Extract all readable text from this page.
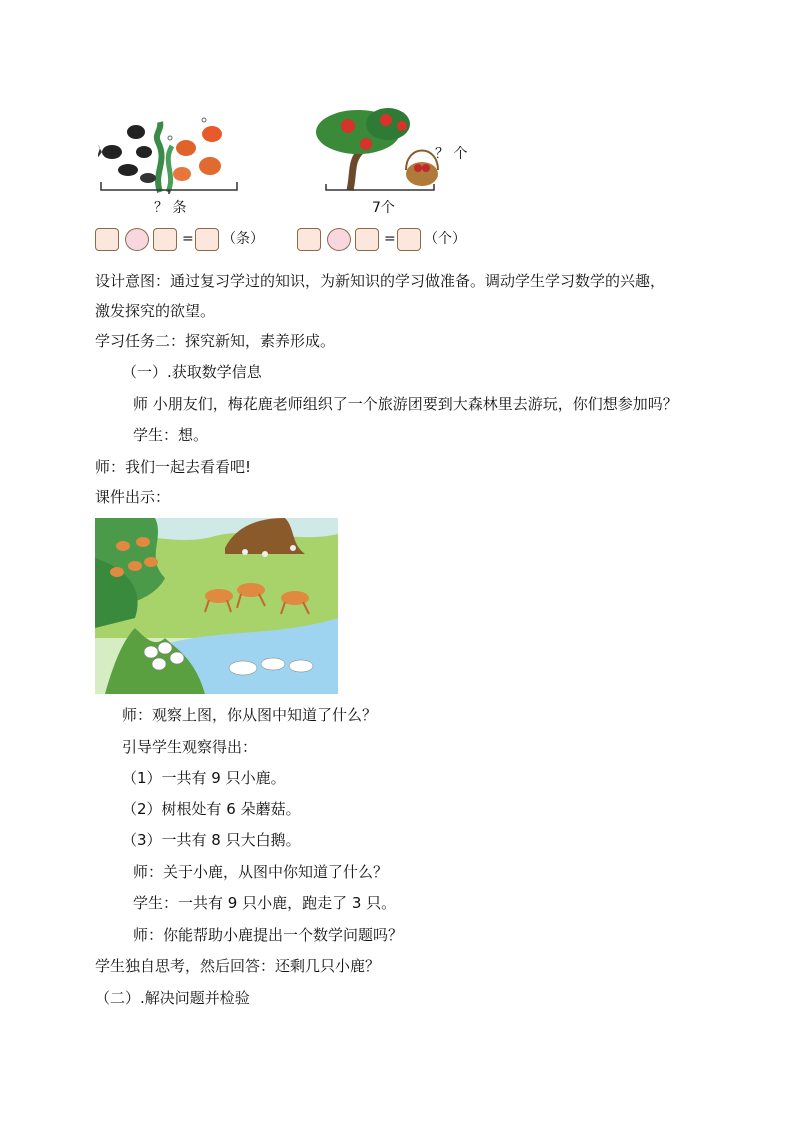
？ 条
？ 个
7个
= （条）	= （个）
设计意图：通过复习学过的知识，为新知识的学习做准备。调动学生学习数学的兴趣，
激发探究的欲望。
学习任务二：探究新知，素养形成。
（一）.获取数学信息
师 小朋友们，梅花鹿老师组织了一个旅游团要到大森林里去游玩，你们想参加吗？
学生：想。
师：我们一起去看看吧!
课件出示：
师：观察上图，你从图中知道了什么？
引导学生观察得出：
（1）一共有 9 只小鹿。
（2）树根处有 6 朵蘑菇。
（3）一共有 8 只大白鹅。
师：关于小鹿，从图中你知道了什么？
学生：一共有 9 只小鹿，跑走了 3 只。
师：你能帮助小鹿提出一个数学问题吗？
学生独自思考，然后回答：还剩几只小鹿？
（二）.解决问题并检验
